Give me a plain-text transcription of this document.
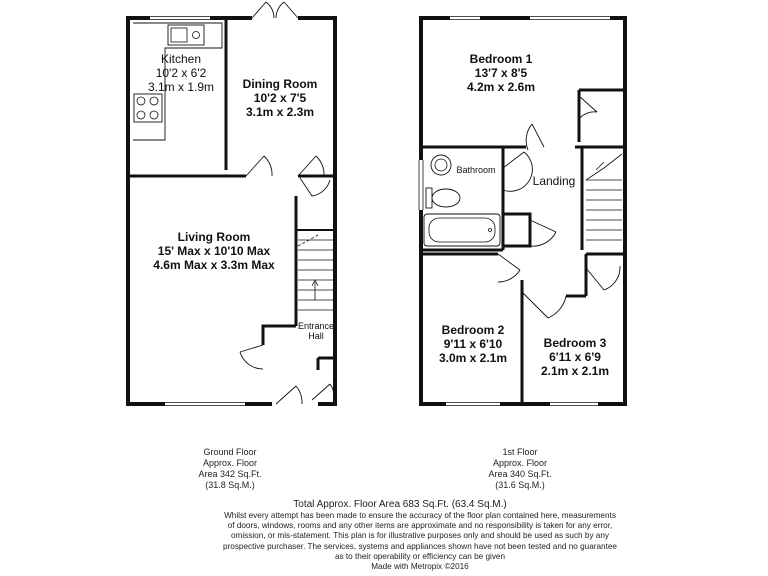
Kitchen
10'2 x 6'2
3.1m x 1.9m Dining Room
10'2 x 7'5
3.1m x 2.3m
Living Room
15' Max x 10'10 Max
4.6m Max x 3.3m Max
Entrance
Hall
Bedroom 1
13'7 x 8'5
4.2m x 2.6m
Bathroom
Landing
Bedroom 2
9'11 x 6'10
3.0m x 2.1m
Bedroom 3
6'11 x 6'9
2.1m x 2.1m
Ground Floor
Approx. Floor
Area 342 Sq.Ft.
(31.8 Sq.M.)
1st Floor
Approx. Floor
Area 340 Sq.Ft.
(31.6 Sq.M.)
Total Approx. Floor Area 683 Sq.Ft. (63.4 Sq.M.)
Whilst every attempt has been made to ensure the accuracy of the floor plan contained here, measurements
of doors, windows, rooms and any other items are approximate and no responsibility is taken for any error,
omission, or mis-statement. This plan is for illustrative purposes only and should be used as such by any
prospective purchaser. The services, systems and appliances shown have not been tested and no guarantee
as to their operability or efficiency can be given
Made with Metropix ©2016
